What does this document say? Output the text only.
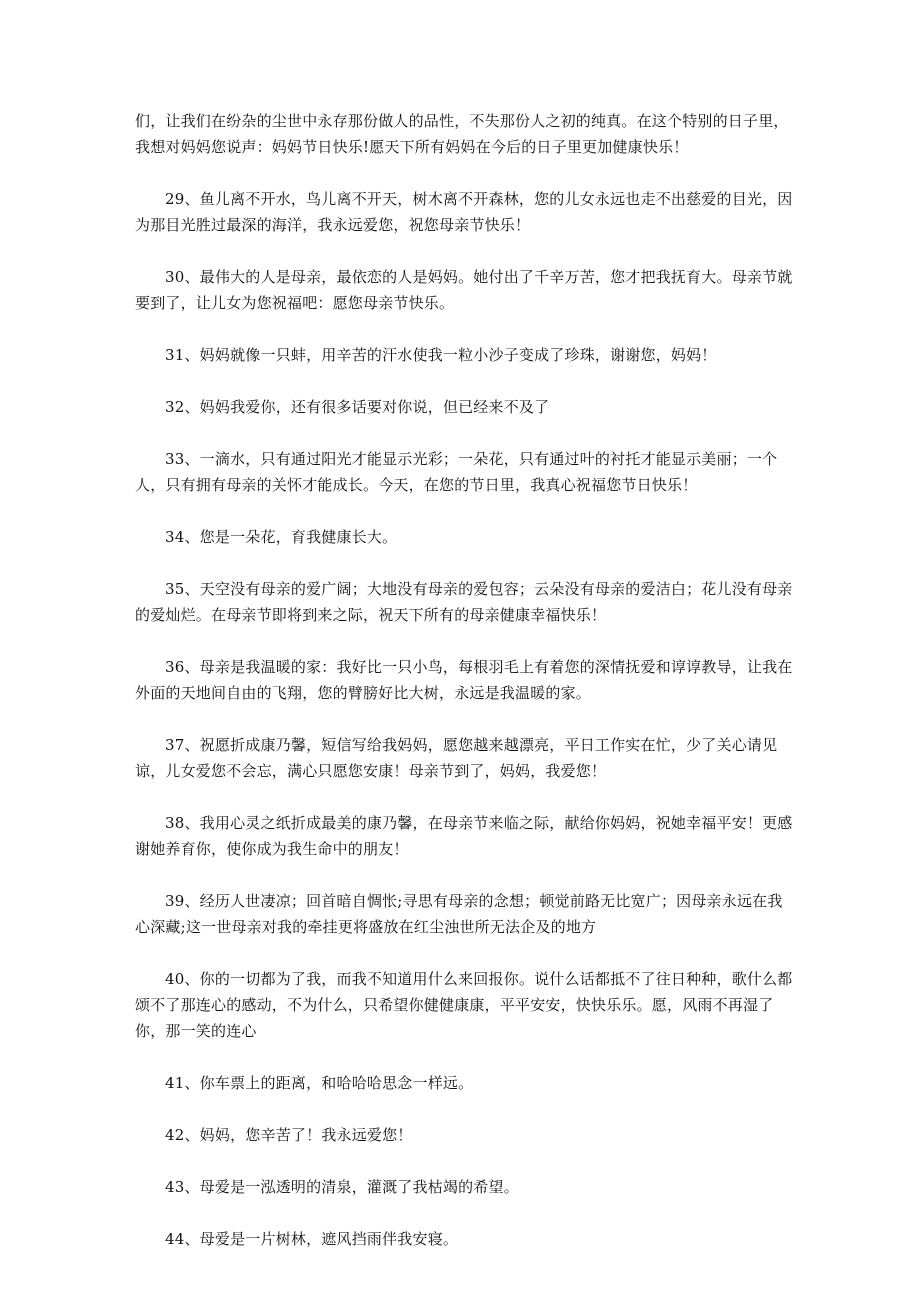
们，让我们在纷杂的尘世中永存那份做人的品性，不失那份人之初的纯真。在这个特别的日子里，我想对妈妈您说声：妈妈节日快乐!愿天下所有妈妈在今后的日子里更加健康快乐！

29、鱼儿离不开水，鸟儿离不开天，树木离不开森林，您的儿女永远也走不出慈爱的目光，因为那目光胜过最深的海洋，我永远爱您，祝您母亲节快乐！

30、最伟大的人是母亲，最依恋的人是妈妈。她付出了千辛万苦，您才把我抚育大。母亲节就要到了，让儿女为您祝福吧：愿您母亲节快乐。

31、妈妈就像一只蚌，用辛苦的汗水使我一粒小沙子变成了珍珠，谢谢您，妈妈！

32、妈妈我爱你，还有很多话要对你说，但已经来不及了

33、一滴水，只有通过阳光才能显示光彩；一朵花，只有通过叶的衬托才能显示美丽；一个人，只有拥有母亲的关怀才能成长。今天，在您的节日里，我真心祝福您节日快乐！

34、您是一朵花，育我健康长大。

35、天空没有母亲的爱广阔；大地没有母亲的爱包容；云朵没有母亲的爱洁白；花儿没有母亲的爱灿烂。在母亲节即将到来之际，祝天下所有的母亲健康幸福快乐！

36、母亲是我温暖的家：我好比一只小鸟，每根羽毛上有着您的深情抚爱和谆谆教导，让我在外面的天地间自由的飞翔，您的臂膀好比大树，永远是我温暖的家。

37、祝愿折成康乃馨，短信写给我妈妈，愿您越来越漂亮，平日工作实在忙，少了关心请见谅，儿女爱您不会忘，满心只愿您安康！母亲节到了，妈妈，我爱您！

38、我用心灵之纸折成最美的康乃馨，在母亲节来临之际，献给你妈妈，祝她幸福平安！更感谢她养育你，使你成为我生命中的朋友！

39、经历人世凄凉；回首暗自惆怅;寻思有母亲的念想；顿觉前路无比宽广；因母亲永远在我心深藏;这一世母亲对我的牵挂更将盛放在红尘浊世所无法企及的地方

40、你的一切都为了我，而我不知道用什么来回报你。说什么话都抵不了往日种种，歌什么都颂不了那连心的感动，不为什么，只希望你健健康康，平平安安，快快乐乐。愿，风雨不再湿了你，那一笑的连心

41、你车票上的距离，和哈哈哈思念一样远。

42、妈妈，您辛苦了！我永远爱您！

43、母爱是一泓透明的清泉，灌溉了我枯竭的希望。

44、母爱是一片树林，遮风挡雨伴我安寝。
